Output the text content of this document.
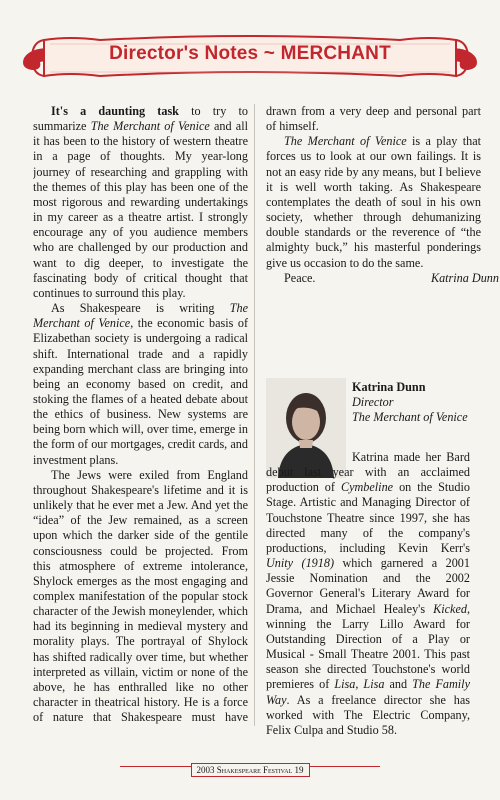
Director's Notes ~ MERCHANT

It's a daunting task to try to summarize The Merchant of Venice and all it has been to the history of western theatre in a page of thoughts. My year-long journey of researching and grappling with the themes of this play has been one of the most rigorous and rewarding undertakings in my career as a theatre artist. I strongly encourage any of you audience members who are challenged by our production and want to dig deeper, to investigate the fascinating body of critical thought that continues to surround this play.

As Shakespeare is writing The Merchant of Venice, the economic basis of Elizabethan society is undergoing a radical shift. International trade and a rapidly expanding merchant class are bringing into being an economy based on credit, and stoking the flames of a heated debate about the ethics of business. New systems are being born which will, over time, emerge in the form of our mortgages, credit cards, and investment plans.

The Jews were exiled from England throughout Shakespeare's lifetime and it is unlikely that he ever met a Jew. And yet the “idea” of the Jew remained, as a screen upon which the darker side of the gentile consciousness could be projected. From this atmosphere of extreme intolerance, Shylock emerges as the most engaging and complex manifestation of the popular stock character of the Jewish moneylender, which had its beginning in medieval mystery and morality plays. The portrayal of Shylock has shifted radically over time, but whether interpreted as villain, victim or none of the above, he has enthralled like no other character in theatrical history. He is a force of nature that Shakespeare must have

drawn from a very deep and personal part of himself.

The Merchant of Venice is a play that forces us to look at our own failings. It is not an easy ride by any means, but I believe it is well worth taking. As Shakespeare contemplates the death of soul in his own society, whether through dehumanizing double standards or the reverence of “the almighty buck,” his masterful ponderings give us occasion to do the same.

Peace.	Katrina Dunn
Katrina Dunn
Director
The Merchant of Venice
Katrina made her Bard debut last year with an acclaimed production of Cymbeline on the Studio Stage. Artistic and Managing Director of Touchstone Theatre since 1997, she has directed many of the company's productions, including Kevin Kerr's Unity (1918) which garnered a 2001 Jessie Nomination and the 2002 Governor General's Literary Award for Drama, and Michael Healey's Kicked, winning the Larry Lillo Award for Outstanding Direction of a Play or Musical - Small Theatre 2001. This past season she directed Touchstone's world premieres of Lisa, Lisa and The Family Way. As a freelance director she has worked with The Electric Company, Felix Culpa and Studio 58.
2003 Shakespeare Festival 19
